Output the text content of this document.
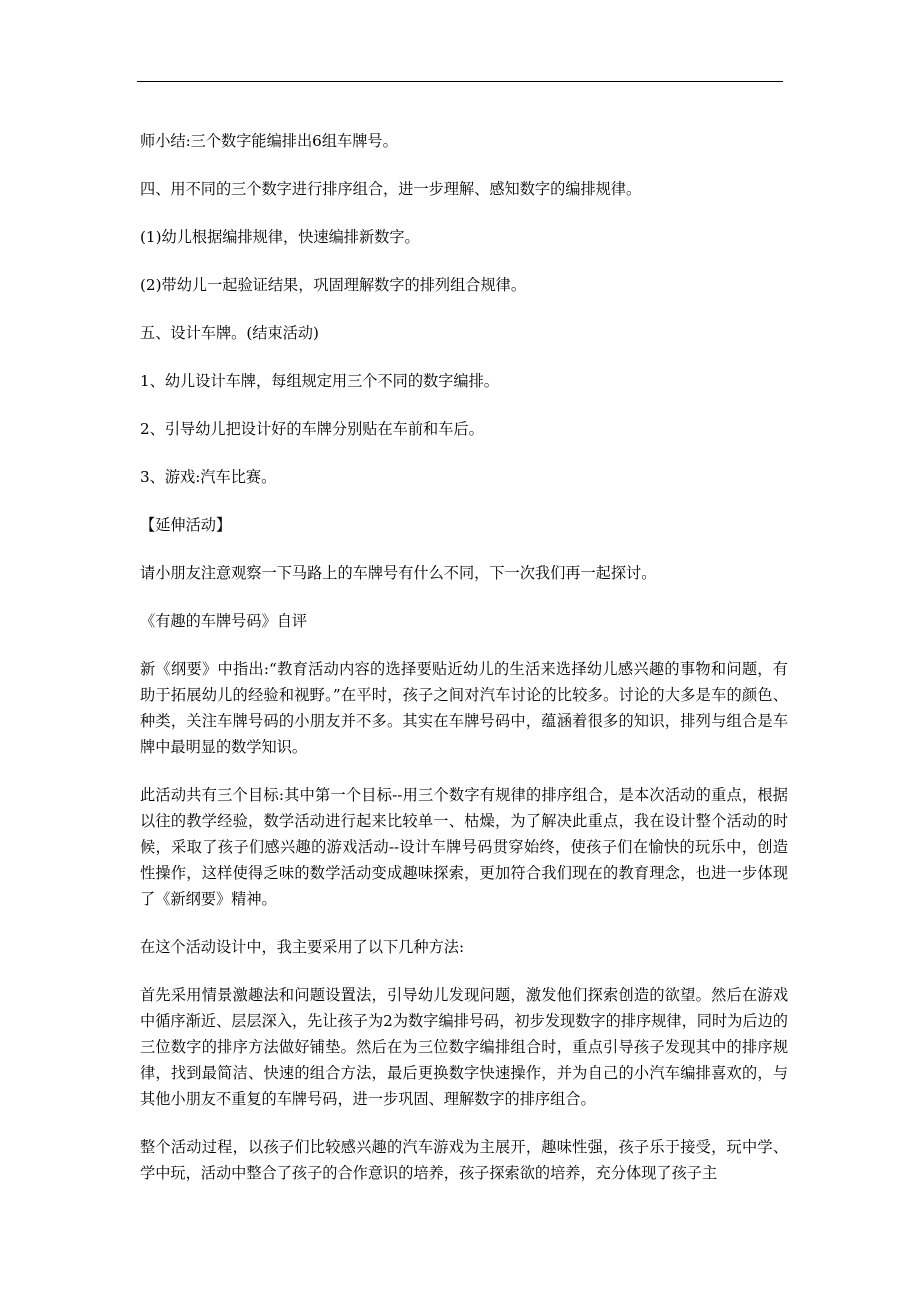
师小结:三个数字能编排出6组车牌号。

四、用不同的三个数字进行排序组合，进一步理解、感知数字的编排规律。

(1)幼儿根据编排规律，快速编排新数字。

(2)带幼儿一起验证结果，巩固理解数字的排列组合规律。

五、设计车牌。(结束活动)

1、幼儿设计车牌，每组规定用三个不同的数字编排。

2、引导幼儿把设计好的车牌分别贴在车前和车后。

3、游戏:汽车比赛。

【延伸活动】

请小朋友注意观察一下马路上的车牌号有什么不同，下一次我们再一起探讨。

《有趣的车牌号码》自评

新《纲要》中指出:“教育活动内容的选择要贴近幼儿的生活来选择幼儿感兴趣的事物和问题，有助于拓展幼儿的经验和视野。”在平时，孩子之间对汽车讨论的比较多。讨论的大多是车的颜色、种类，关注车牌号码的小朋友并不多。其实在车牌号码中，蕴涵着很多的知识，排列与组合是车牌中最明显的数学知识。

此活动共有三个目标:其中第一个目标--用三个数字有规律的排序组合，是本次活动的重点，根据以往的教学经验，数学活动进行起来比较单一、枯燥，为了解决此重点，我在设计整个活动的时候，采取了孩子们感兴趣的游戏活动--设计车牌号码贯穿始终，使孩子们在愉快的玩乐中，创造性操作，这样使得乏味的数学活动变成趣味探索，更加符合我们现在的教育理念，也进一步体现了《新纲要》精神。

在这个活动设计中，我主要采用了以下几种方法:

首先采用情景激趣法和问题设置法，引导幼儿发现问题，激发他们探索创造的欲望。然后在游戏中循序渐近、层层深入，先让孩子为2为数字编排号码，初步发现数字的排序规律，同时为后边的三位数字的排序方法做好铺垫。然后在为三位数字编排组合时，重点引导孩子发现其中的排序规律，找到最简洁、快速的组合方法，最后更换数字快速操作，并为自己的小汽车编排喜欢的，与其他小朋友不重复的车牌号码，进一步巩固、理解数字的排序组合。

整个活动过程，以孩子们比较感兴趣的汽车游戏为主展开，趣味性强，孩子乐于接受，玩中学、学中玩，活动中整合了孩子的合作意识的培养，孩子探索欲的培养，充分体现了孩子主
